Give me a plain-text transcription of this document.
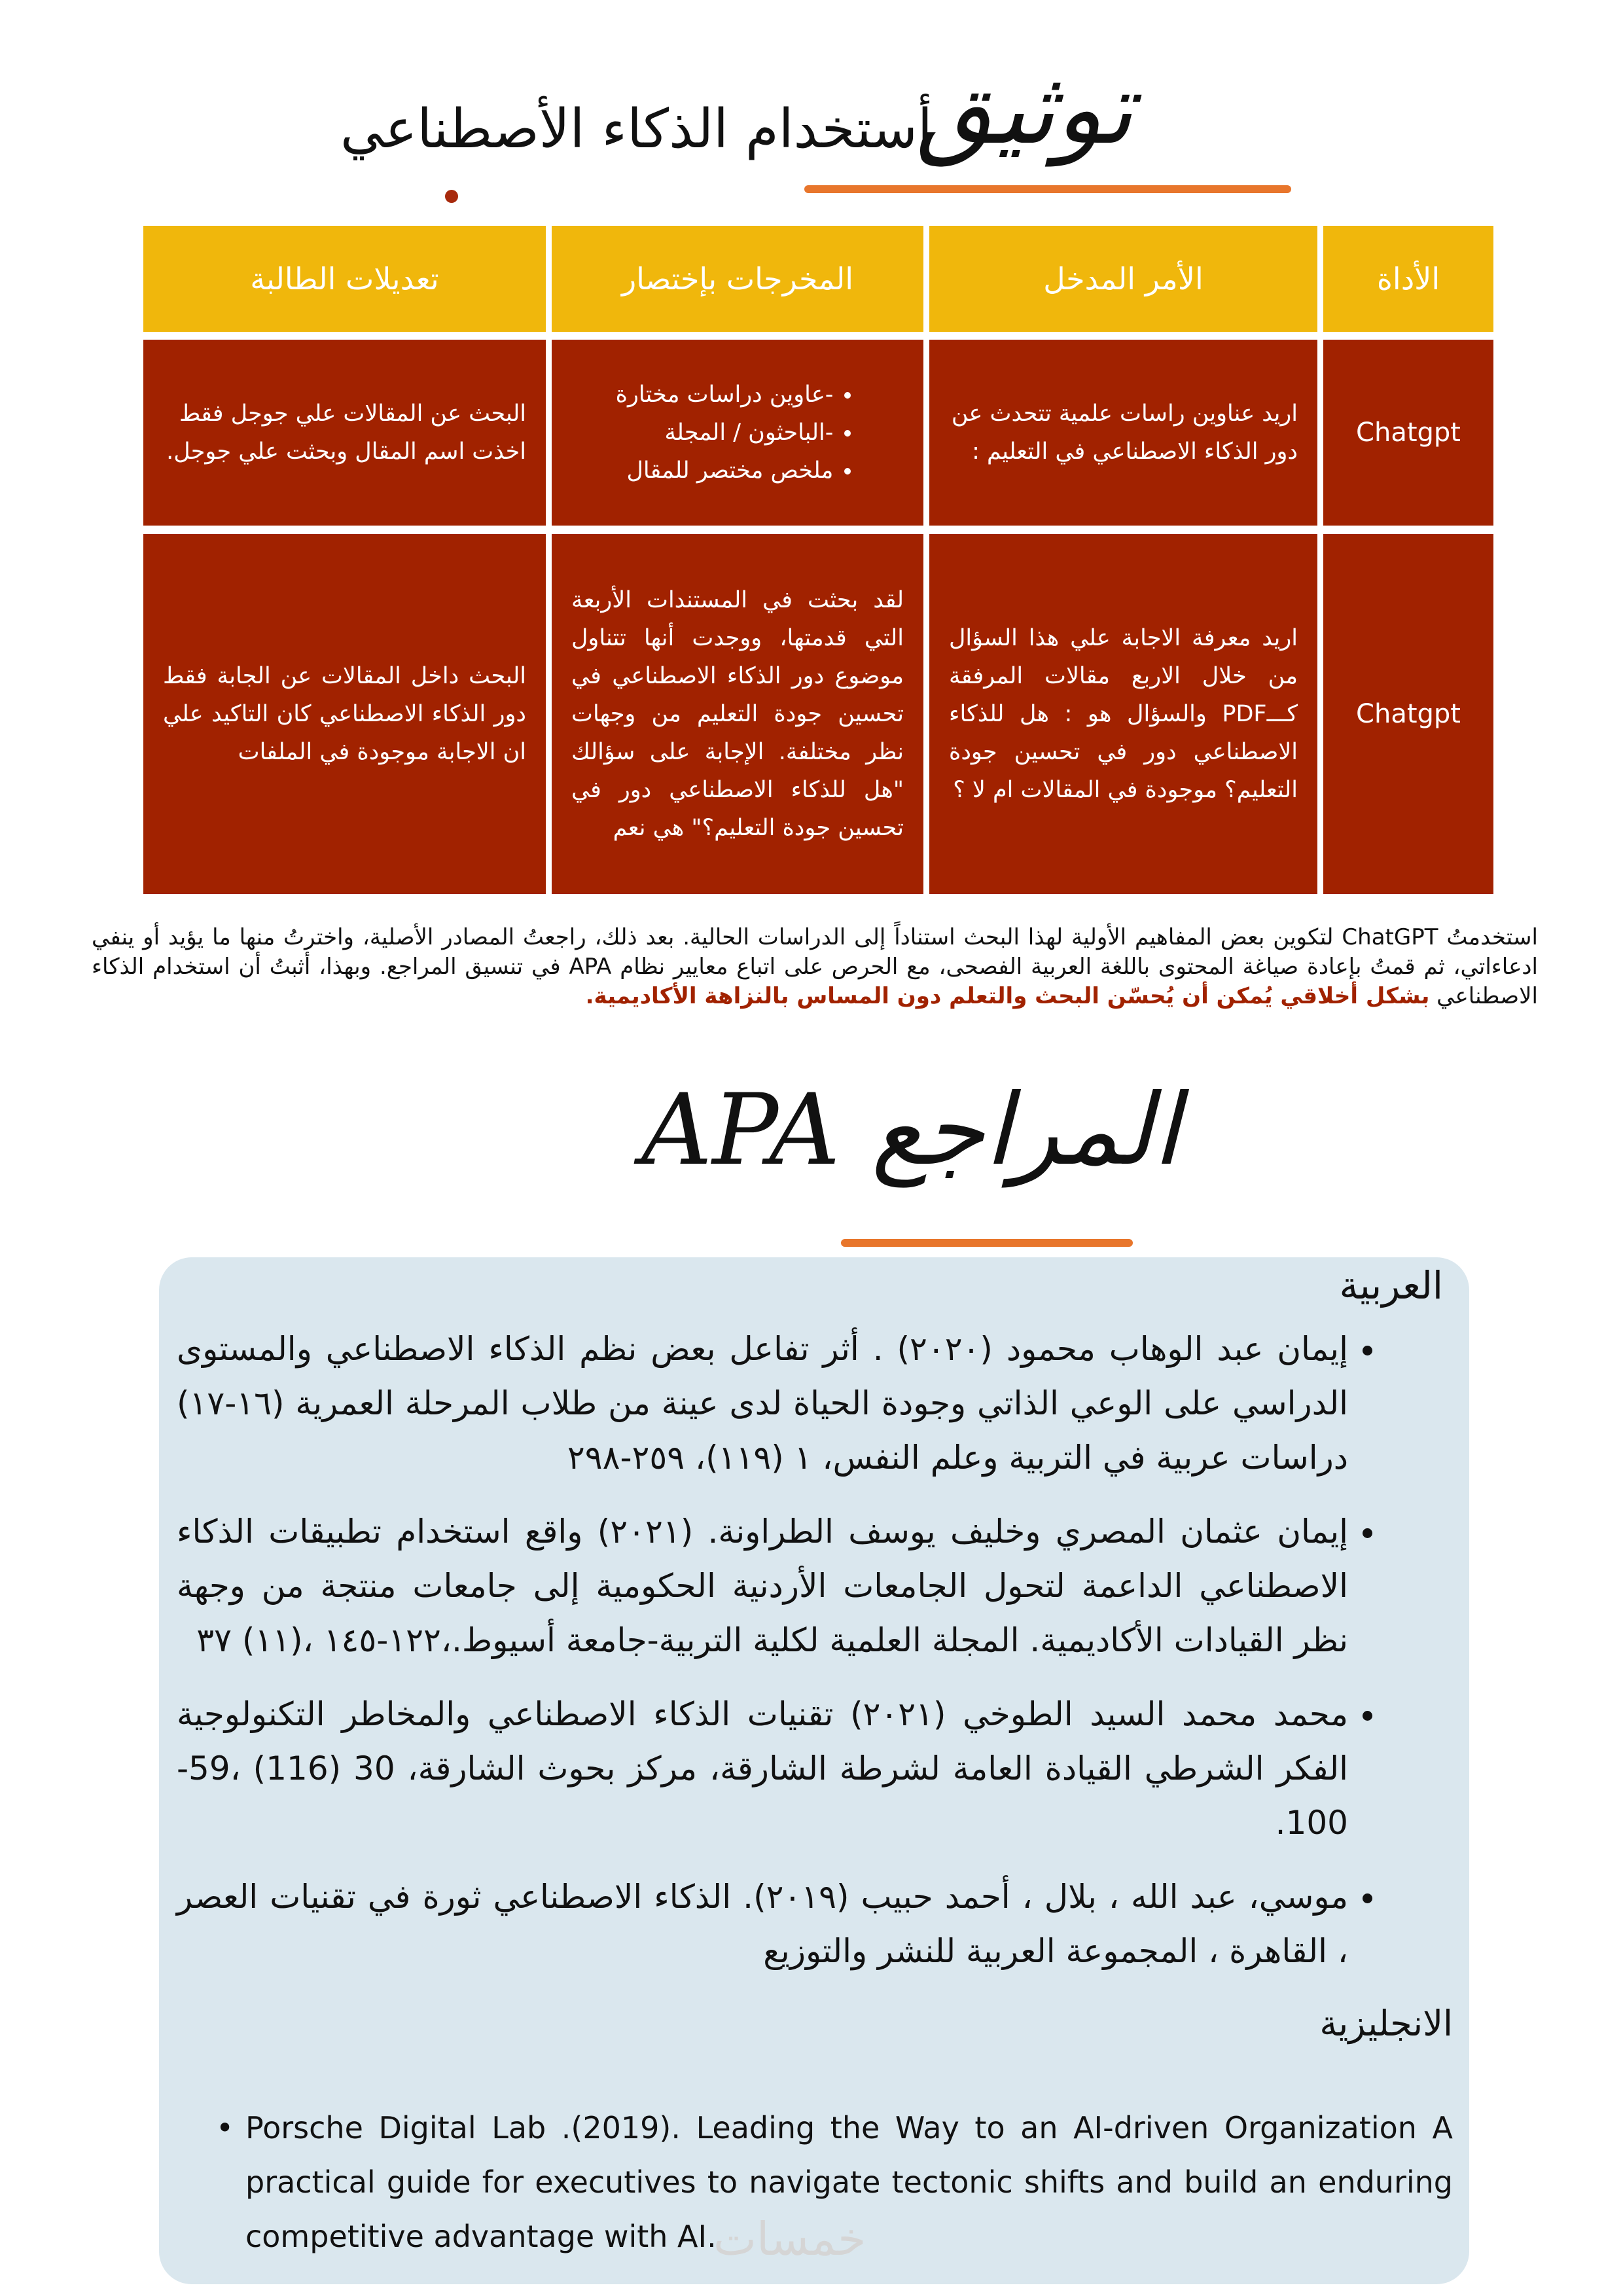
توثيق
أستخدام الذكاء الأصطناعي
الأداة
الأمر المدخل
المخرجات بإختصار
تعديلات الطالبة
Chatgpt
اريد عناوين راسات علمية تتحدث عن دور الذكاء الاصطناعي في التعليم :
• -عاوين دراسات مختارة
• -الباحثون / المجلة
• ملخص مختصر للمقال
البحث عن المقالات علي جوجل فقط اخذت اسم المقال وبحثت علي جوجل.
Chatgpt
اريد معرفة الاجابة علي هذا السؤال من خلال الاربع مقالات المرفقة كـــPDF والسؤال هو : هل للذكاء الاصطناعي دور في تحسين جودة التعليم؟ موجودة في المقالات ام لا ؟
لقد بحثت في المستندات الأربعة التي قدمتها، ووجدت أنها تتناول موضوع دور الذكاء الاصطناعي في تحسين جودة التعليم من وجهات نظر مختلفة. الإجابة على سؤالك "هل للذكاء الاصطناعي دور في تحسين جودة التعليم؟" هي نعم
البحث داخل المقالات عن الجابة فقط دور الذكاء الاصطناعي كان التاكيد علي ان الاجابة موجودة في الملفات

استخدمتُ ChatGPT لتكوين بعض المفاهيم الأولية لهذا البحث استناداً إلى الدراسات الحالية. بعد ذلك، راجعتُ المصادر الأصلية، واخترتُ منها ما يؤيد أو ينفي ادعاءاتي، ثم قمتُ بإعادة صياغة المحتوى باللغة العربية الفصحى، مع الحرص على اتباع معايير نظام APA في تنسيق المراجع. وبهذا، أثبتُ أن استخدام الذكاء الاصطناعي بشكل أخلاقي يُمكن أن يُحسّن البحث والتعلم دون المساس بالنزاهة الأكاديمية.

APA المراجع
العربية
• إيمان عبد الوهاب محمود (٢٠٢٠) . أثر تفاعل بعض نظم الذكاء الاصطناعي والمستوى الدراسي على الوعي الذاتي وجودة الحياة لدى عينة من طلاب المرحلة العمرية (١٦-١٧) دراسات عربية في التربية وعلم النفس، ١ (١١٩)، ٢٥٩-٢٩٨
• إيمان عثمان المصري وخليف يوسف الطراونة. (٢٠٢١) واقع استخدام تطبيقات الذكاء الاصطناعي الداعمة لتحول الجامعات الأردنية الحكومية إلى جامعات منتجة من وجهة نظر القيادات الأكاديمية. المجلة العلمية لكلية التربية-جامعة أسيوط.،١٢٢-١٤٥ ،(١١) ٣٧
• محمد محمد السيد الطوخي (٢٠٢١) تقنيات الذكاء الاصطناعي والمخاطر التكنولوجية الفكر الشرطي القيادة العامة لشرطة الشارقة، مركز بحوث الشارقة، 30 (116) ،59-100.
• موسي، عبد الله ، بلال ، أحمد حبيب (٢٠١٩). الذكاء الاصطناعي ثورة في تقنيات العصر ، القاهرة ، المجموعة العربية للنشر والتوزيع
الانجليزية
• Porsche Digital Lab .(2019). Leading the Way to an AI-driven Organization A practical guide for executives to navigate tectonic shifts and build an enduring competitive advantage with AI.
خمسات
